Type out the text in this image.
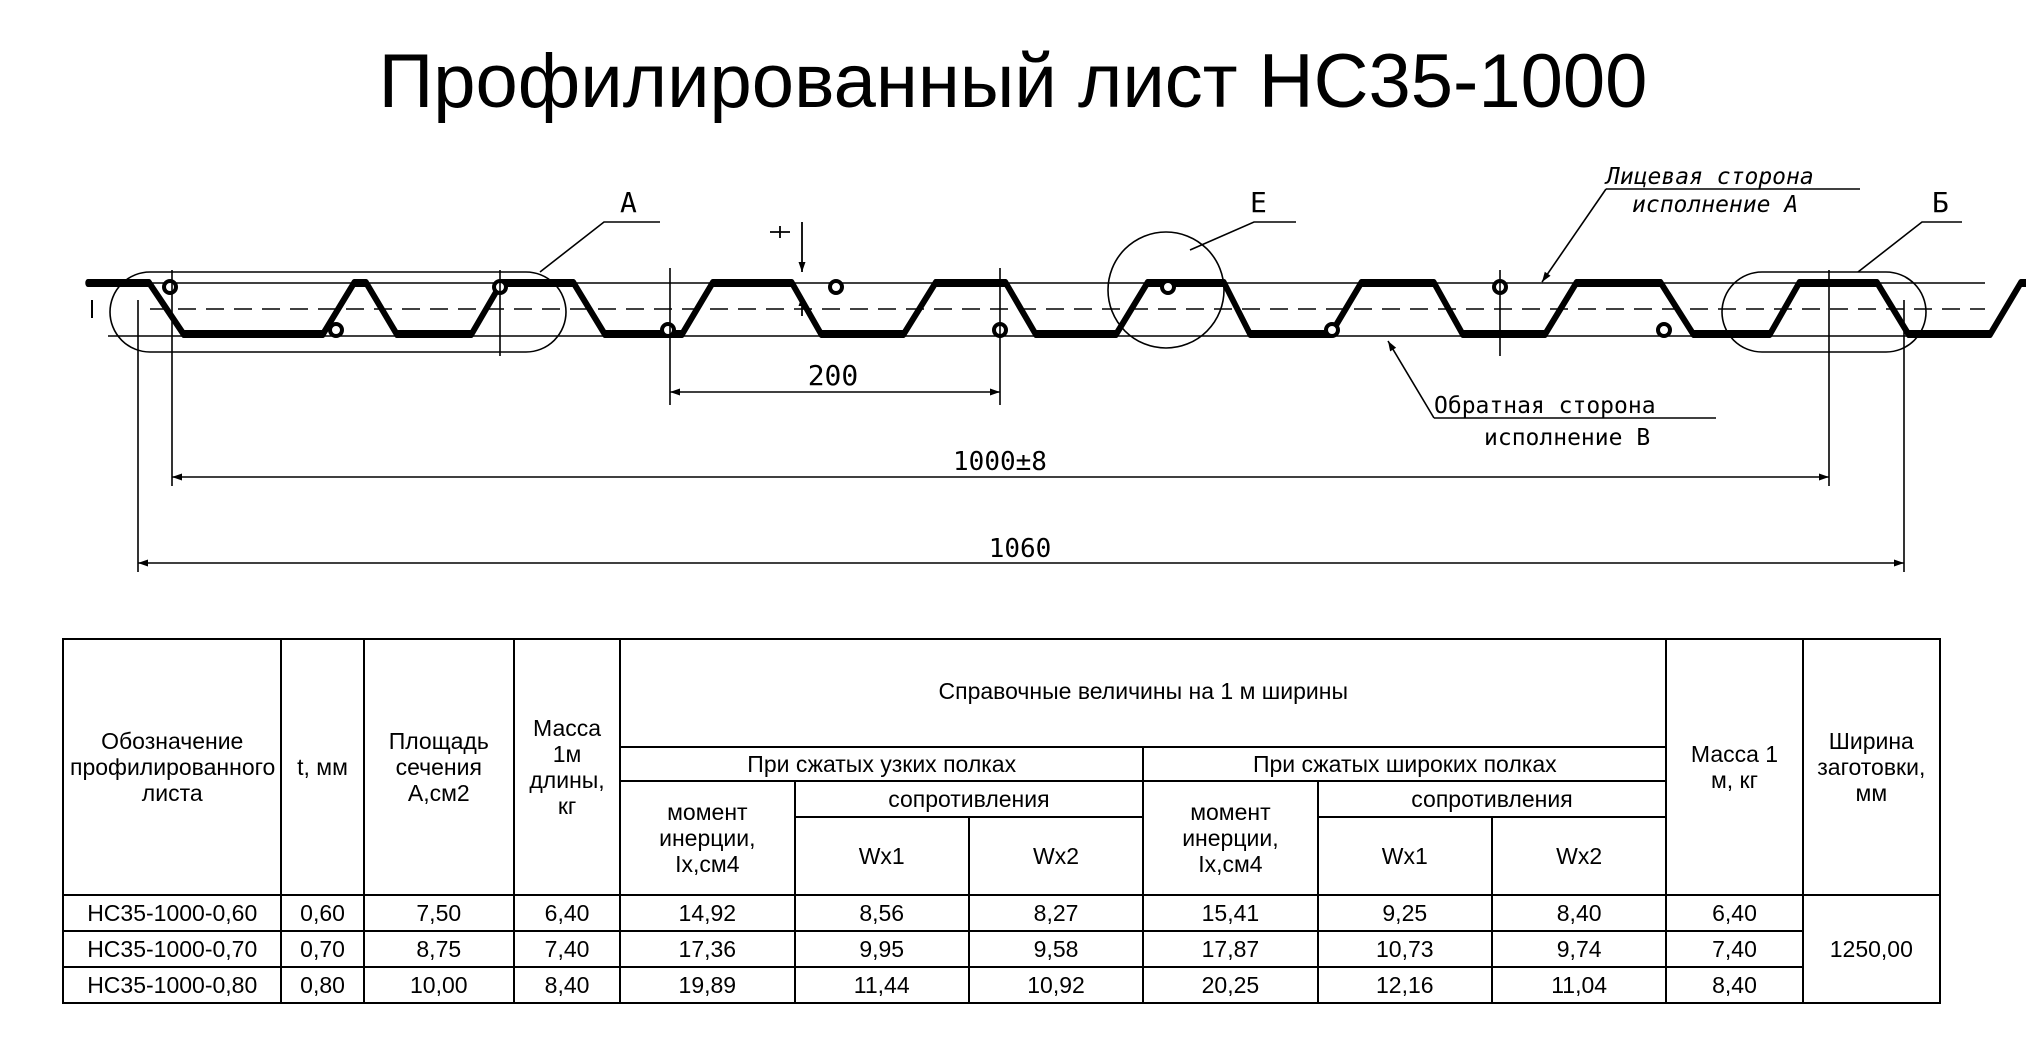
Профилированный лист НС35-1000
А	Е	Б
Лицевая сторона
исполнение А
Обратная сторона
исполнение В
200
1000±8
1060
Обозначение профилированного листа	t, мм	Площадь сечения А,см2	Масса 1м длины, кг	Справочные величины на 1 м ширины						Масса 1 м, кг	Ширина заготовки, мм
				При сжатых узких полках			При сжатых широких полках				
				момент инерции, Ix,см4	сопротивления		момент инерции, Ix,см4	сопротивления			
					Wx1	Wx2		Wx1	Wx2		
НС35-1000-0,60	0,60	7,50	6,40	14,92	8,56	8,27	15,41	9,25	8,40	6,40	1250,00
НС35-1000-0,70	0,70	8,75	7,40	17,36	9,95	9,58	17,87	10,73	9,74	7,40	
НС35-1000-0,80	0,80	10,00	8,40	19,89	11,44	10,92	20,25	12,16	11,04	8,40	
